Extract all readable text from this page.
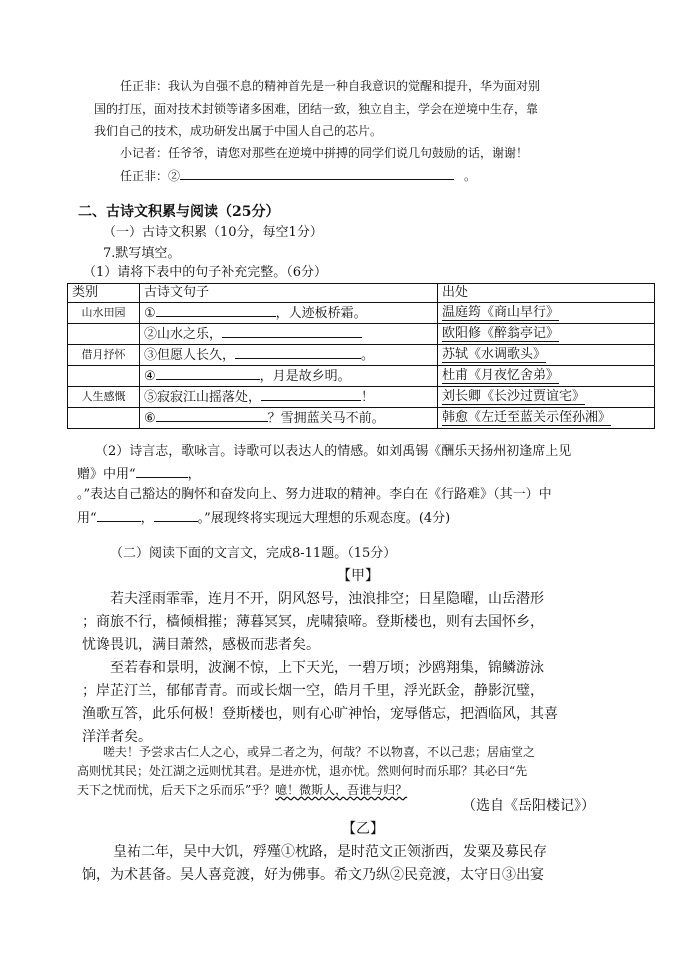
任正非：我认为自强不息的精神首先是一种自我意识的觉醒和提升，华为面对别
国的打压，面对技术封锁等诸多困难，团结一致，独立自主，学会在逆境中生存，靠
我们自己的技术，成功研发出属于中国人自己的芯片。
小记者：任爷爷，请您对那些在逆境中拼搏的同学们说几句鼓励的话，谢谢！
任正非：②	。
二、古诗文积累与阅读（25分）
（一）古诗文积累（10分，每空1分）
7.默写填空。
（1）请将下表中的句子补充完整。（6分）
类别	古诗文句子	出处
山水田园	① ，人迹板桥霜。	温庭筠《商山早行》
	②山水之乐，	欧阳修《醉翁亭记》
借月抒怀	③但愿人长久， 。	苏轼《水调歌头》
	④ ，月是故乡明。	杜甫《月夜忆舍弟》
人生感慨	⑤寂寂江山摇落处， ！	刘长卿《长沙过贾谊宅》
	⑥ ？雪拥蓝关马不前。	韩愈《左迁至蓝关示侄孙湘》
（2）诗言志，歌咏言。诗歌可以表达人的情感。如刘禹锡《酬乐天扬州初逢席上见
赠》中用“	，
。”表达自己豁达的胸怀和奋发向上、努力进取的精神。李白在《行路难》（其一）中
用“	，	。”展现终将实现远大理想的乐观态度。(4分)
（二）阅读下面的文言文，完成8-11题。（15分）
【甲】
若夫淫雨霏霏，连月不开，阴风怒号，浊浪排空；日星隐曜，山岳潜形
；商旅不行，樯倾楫摧；薄暮冥冥，虎啸猿啼。登斯楼也，则有去国怀乡，
忧谗畏讥，满目萧然，感极而悲者矣。
至若春和景明，波澜不惊，上下天光，一碧万顷；沙鸥翔集，锦鳞游泳
；岸芷汀兰，郁郁青青。而或长烟一空，皓月千里，浮光跃金，静影沉璧，
渔歌互答，此乐何极！登斯楼也，则有心旷神怡，宠辱偕忘，把酒临风，其喜
洋洋者矣。
嗟夫！予尝求古仁人之心，或异二者之为，何哉？不以物喜，不以己悲；居庙堂之
高则忧其民；处江湖之远则忧其君。是进亦忧，退亦忧。然则何时而乐耶？其必曰“先
天下之忧而忧，后天下之乐而乐”乎？噫！微斯人，吾谁与归？
（选自《岳阳楼记》）
【乙】
皇祐二年，吴中大饥，殍殣①枕路，是时范文正领浙西，发粟及募民存
饷，为术甚备。吴人喜竞渡，好为佛事。希文乃纵②民竞渡，太守日③出宴
